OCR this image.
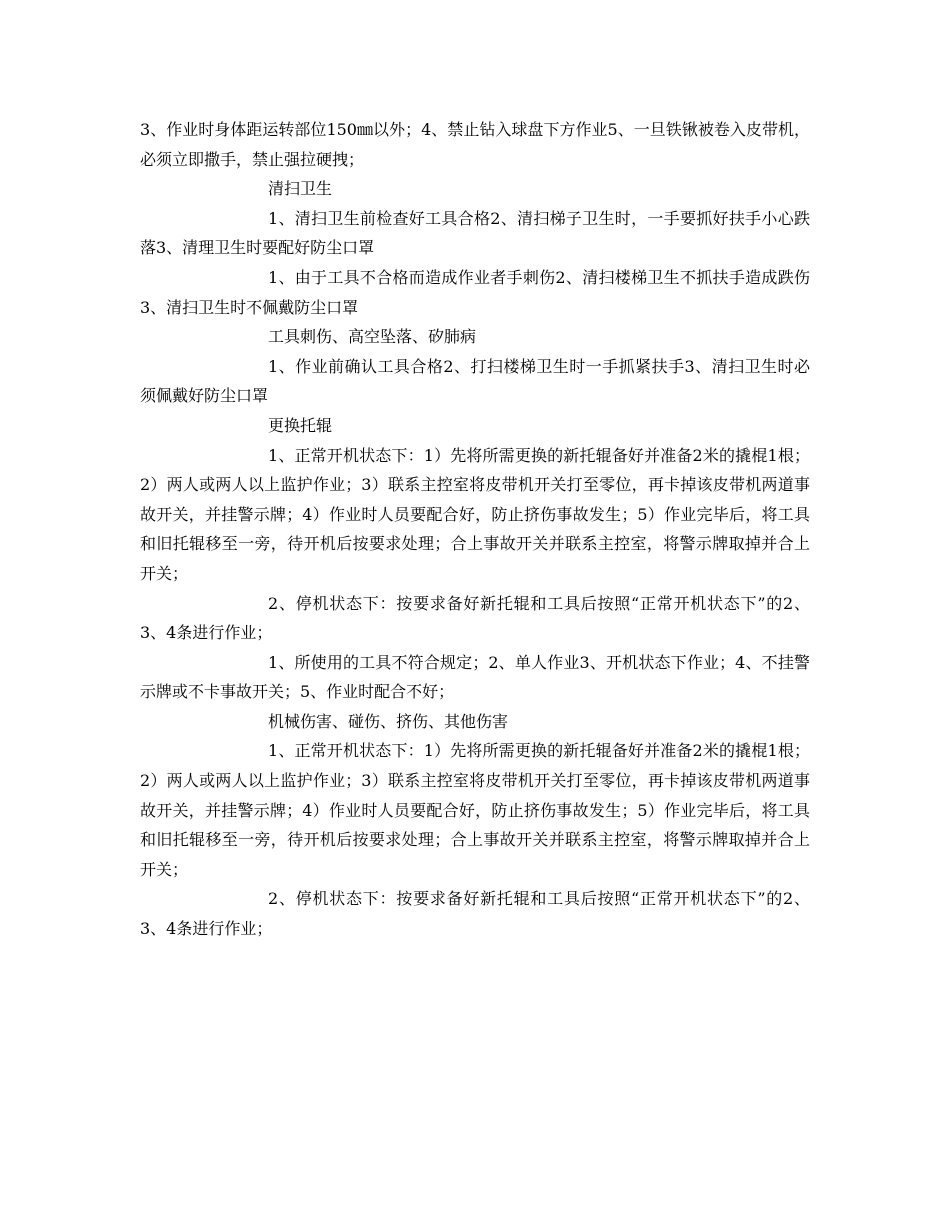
3、作业时身体距运转部位150㎜以外；4、禁止钻入球盘下方作业5、一旦铁锹被卷入皮带机，必须立即撒手，禁止强拉硬拽；

清扫卫生

1、清扫卫生前检查好工具合格2、清扫梯子卫生时，一手要抓好扶手小心跌落3、清理卫生时要配好防尘口罩

1、由于工具不合格而造成作业者手刺伤2、清扫楼梯卫生不抓扶手造成跌伤3、清扫卫生时不佩戴防尘口罩

工具刺伤、高空坠落、矽肺病

1、作业前确认工具合格2、打扫楼梯卫生时一手抓紧扶手3、清扫卫生时必须佩戴好防尘口罩

更换托辊

1、正常开机状态下：1）先将所需更换的新托辊备好并准备2米的撬棍1根；2）两人或两人以上监护作业；3）联系主控室将皮带机开关打至零位，再卡掉该皮带机两道事故开关，并挂警示牌；4）作业时人员要配合好，防止挤伤事故发生；5）作业完毕后，将工具和旧托辊移至一旁，待开机后按要求处理；合上事故开关并联系主控室，将警示牌取掉并合上开关；

2、停机状态下：按要求备好新托辊和工具后按照“正常开机状态下”的2、3、4条进行作业；

1、所使用的工具不符合规定；2、单人作业3、开机状态下作业；4、不挂警示牌或不卡事故开关；5、作业时配合不好；

机械伤害、碰伤、挤伤、其他伤害

1、正常开机状态下：1）先将所需更换的新托辊备好并准备2米的撬棍1根；2）两人或两人以上监护作业；3）联系主控室将皮带机开关打至零位，再卡掉该皮带机两道事故开关，并挂警示牌；4）作业时人员要配合好，防止挤伤事故发生；5）作业完毕后，将工具和旧托辊移至一旁，待开机后按要求处理；合上事故开关并联系主控室，将警示牌取掉并合上开关；

2、停机状态下：按要求备好新托辊和工具后按照“正常开机状态下”的2、3、4条进行作业；
